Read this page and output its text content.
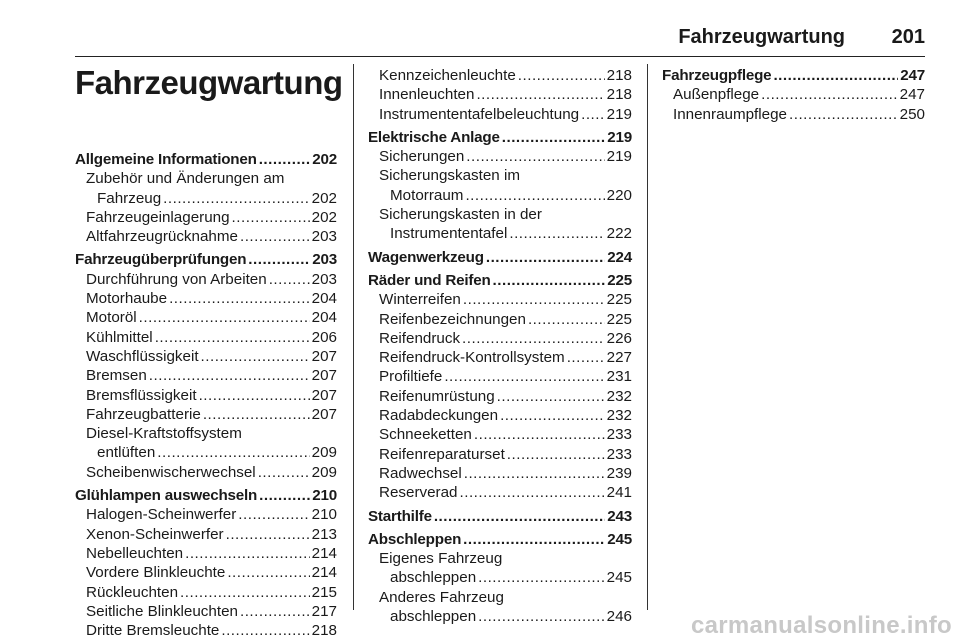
Fahrzeugwartung 201
Fahrzeugwartung
Allgemeine Informationen .....	202
Zubehör und Änderungen am
Fahrzeug .....	202
Fahrzeugeinlagerung .....	202
Altfahrzeugrücknahme .....	203
Fahrzeugüberprüfungen .....	203
Durchführung von Arbeiten .....	203
Motorhaube .....	204
Motoröl .....	204
Kühlmittel .....	206
Waschflüssigkeit .....	207
Bremsen .....	207
Bremsflüssigkeit .....	207
Fahrzeugbatterie .....	207
Diesel-Kraftstoffsystem
entlüften .....	209
Scheibenwischerwechsel .....	209
Glühlampen auswechseln .....	210
Halogen-Scheinwerfer .....	210
Xenon-Scheinwerfer .....	213
Nebelleuchten .....	214
Vordere Blinkleuchte .....	214
Rückleuchten .....	215
Seitliche Blinkleuchten .....	217
Dritte Bremsleuchte .....	218
Kennzeichenleuchte .....	218
Innenleuchten .....	218
Instrumententafelbeleuchtung ..... 219
Elektrische Anlage .....	219
Sicherungen .....	219
Sicherungskasten im
Motorraum .....	220
Sicherungskasten in der
Instrumententafel .....	222
Wagenwerkzeug .....	224
Räder und Reifen .....	225
Winterreifen .....	225
Reifenbezeichnungen .....	225
Reifendruck .....	226
Reifendruck-Kontrollsystem .....	227
Profiltiefe .....	231
Reifenumrüstung .....	232
Radabdeckungen .....	232
Schneeketten .....	233
Reifenreparaturset .....	233
Radwechsel .....	239
Reserverad .....	241
Starthilfe .....	243
Abschleppen .....	245
Eigenes Fahrzeug
abschleppen .....	245
Anderes Fahrzeug
abschleppen .....	246
Fahrzeugpflege .....	247
Außenpflege .....	247
Innenraumpflege .....	250
carmanualsonline.info
